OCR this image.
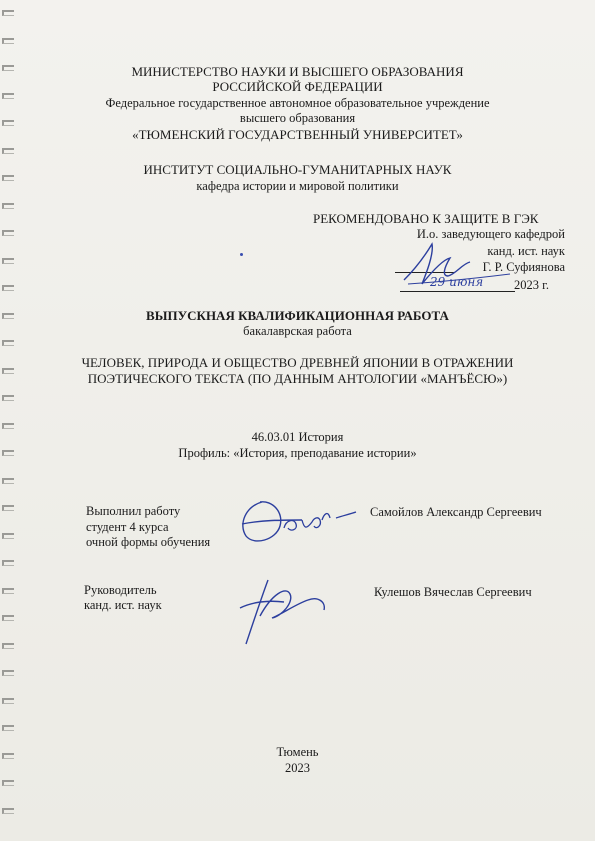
МИНИСТЕРСТВО НАУКИ И ВЫСШЕГО ОБРАЗОВАНИЯ
РОССИЙСКОЙ ФЕДЕРАЦИИ
Федеральное государственное автономное образовательное учреждение
высшего образования
«ТЮМЕНСКИЙ ГОСУДАРСТВЕННЫЙ УНИВЕРСИТЕТ»
ИНСТИТУТ СОЦИАЛЬНО-ГУМАНИТАРНЫХ НАУК
кафедра истории и мировой политики
РЕКОМЕНДОВАНО К ЗАЩИТЕ В ГЭК
И.о. заведующего кафедрой
канд. ист. наук
Г. Р. Суфиянова
2023 г.
29 июня
ВЫПУСКНАЯ КВАЛИФИКАЦИОННАЯ РАБОТА
бакалаврская работа
ЧЕЛОВЕК, ПРИРОДА И ОБЩЕСТВО ДРЕВНЕЙ ЯПОНИИ В ОТРАЖЕНИИ
ПОЭТИЧЕСКОГО ТЕКСТА (ПО ДАННЫМ АНТОЛОГИИ «МАНЪЁСЮ»)
46.03.01 История
Профиль: «История, преподавание истории»
Выполнил работу
студент 4 курса
очной формы обучения
Самойлов Александр Сергеевич
Руководитель
канд. ист. наук
Кулешов Вячеслав Сергеевич
Тюмень
2023
